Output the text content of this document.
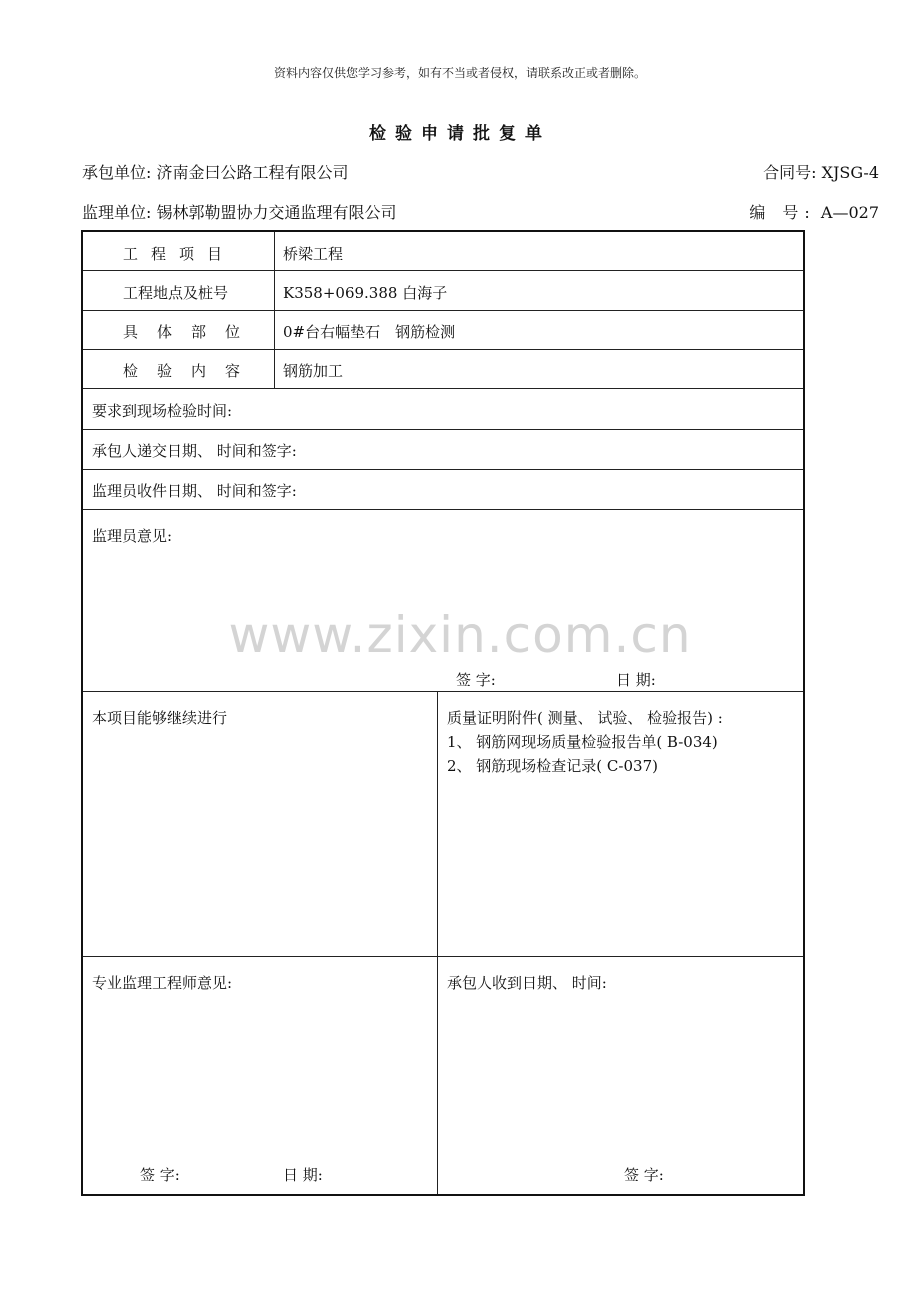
资料内容仅供您学习参考，如有不当或者侵权，请联系改正或者删除。
检验申请批复单
承包单位: 济南金曰公路工程有限公司	合同号: XJSG-4
监理单位: 锡林郭勒盟协力交通监理有限公司	编 号: A—027
工程项目	桥梁工程
工程地点及桩号	K358+069.388 白海子
具体部位 0#台右幅垫石　钢筋检测
检验内容 钢筋加工
要求到现场检验时间:
承包人递交日期、 时间和签字:
监理员收件日期、 时间和签字:
监理员意见:
签 字:	日 期:
本项目能够继续进行	质量证明附件( 测量、 试验、 检验报告) :
1、 钢筋网现场质量检验报告单( B-034)
2、 钢筋现场检查记录( C-037)
专业监理工程师意见:	承包人收到日期、 时间:
签 字:	日 期:	签 字:
www.zixin.com.cn
